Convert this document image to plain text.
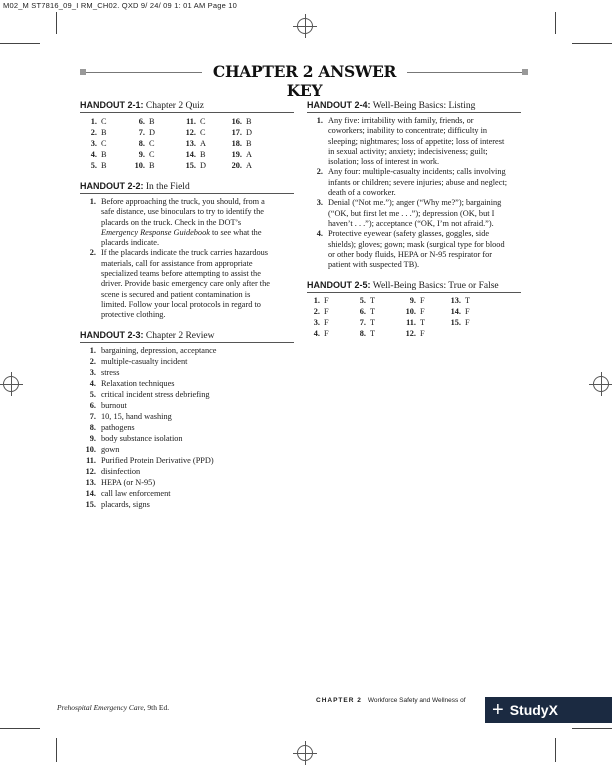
M02_M ST7816_09_I RM_CH02. QXD 9/ 24/ 09 1: 01 AM Page 10
CHAPTER 2 ANSWER KEY
HANDOUT 2-1: Chapter 2 Quiz
1.	C	6.	B	11.	C	16.	B
2.	B	7.	D	12.	C	17.	D
3.	C	8.	C	13.	A	18.	B
4.	B	9.	C	14.	B	19.	A
5.	B	10.	B	15.	D	20.	A
HANDOUT 2-2: In the Field
1. Before approaching the truck, you should, from a safe distance, use binoculars to try to identify the placards on the truck. Check in the DOT’s Emergency Response Guidebook to see what the placards indicate.
2. If the placards indicate the truck carries hazardous materials, call for assistance from appropriate specialized teams before attempting to assist the driver. Provide basic emergency care only after the scene is secured and patient contamination is limited. Follow your local protocols in regard to protective clothing.
HANDOUT 2-3: Chapter 2 Review
1. bargaining, depression, acceptance
2. multiple-casualty incident
3. stress
4. Relaxation techniques
5. critical incident stress debriefing
6. burnout
7. 10, 15, hand washing
8. pathogens
9. body substance isolation
10. gown
11. Purified Protein Derivative (PPD)
12. disinfection
13. HEPA (or N-95)
14. call law enforcement
15. placards, signs
HANDOUT 2-4: Well-Being Basics: Listing
1. Any five: irritability with family, friends, or coworkers; inability to concentrate; difficulty in sleeping; nightmares; loss of appetite; loss of interest in sexual activity; anxiety; indecisiveness; guilt; isolation; loss of interest in work.
2. Any four: multiple-casualty incidents; calls involving infants or children; severe injuries; abuse and neglect; death of a coworker.
3. Denial (“Not me.”); anger (“Why me?”); bargaining (“OK, but first let me . . .”); depression (OK, but I haven’t . . .”); acceptance (“OK, I’m not afraid.”).
4. Protective eyewear (safety glasses, goggles, side shields); gloves; gown; mask (surgical type for blood or other body fluids, HEPA or N-95 respirator for patient with suspected TB).
HANDOUT 2-5: Well-Being Basics: True or False
1.	F	5.	T	9.	F	13.	T
2.	F	6.	T	10.	F	14.	F
3.	F	7.	T	11.	T	15.	F
4.	F	8.	T	12.	F		
CHAPTER 2 Workforce Safety and Wellness of
Prehospital Emergency Care, 9th Ed.	+ StudyX
